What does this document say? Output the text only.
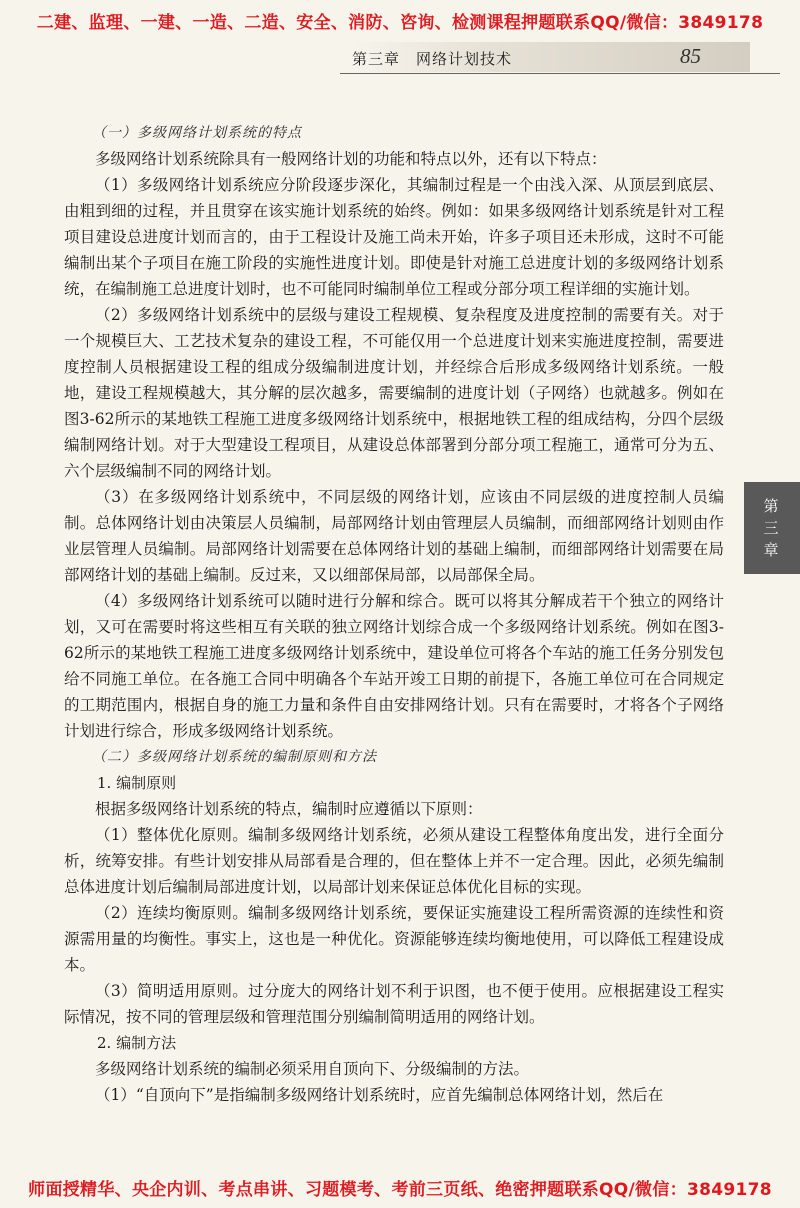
二建、监理、一建、一造、二造、安全、消防、咨询、检测课程押题联系QQ/微信：3849178
第三章　网络计划技术	85
第
三
章

（一）多级网络计划系统的特点

多级网络计划系统除具有一般网络计划的功能和特点以外，还有以下特点：

（1）多级网络计划系统应分阶段逐步深化，其编制过程是一个由浅入深、从顶层到底层、由粗到细的过程，并且贯穿在该实施计划系统的始终。例如：如果多级网络计划系统是针对工程项目建设总进度计划而言的，由于工程设计及施工尚未开始，许多子项目还未形成，这时不可能编制出某个子项目在施工阶段的实施性进度计划。即使是针对施工总进度计划的多级网络计划系统，在编制施工总进度计划时，也不可能同时编制单位工程或分部分项工程详细的实施计划。

（2）多级网络计划系统中的层级与建设工程规模、复杂程度及进度控制的需要有关。对于一个规模巨大、工艺技术复杂的建设工程，不可能仅用一个总进度计划来实施进度控制，需要进度控制人员根据建设工程的组成分级编制进度计划，并经综合后形成多级网络计划系统。一般地，建设工程规模越大，其分解的层次越多，需要编制的进度计划（子网络）也就越多。例如在图3-62所示的某地铁工程施工进度多级网络计划系统中，根据地铁工程的组成结构，分四个层级编制网络计划。对于大型建设工程项目，从建设总体部署到分部分项工程施工，通常可分为五、六个层级编制不同的网络计划。

（3）在多级网络计划系统中，不同层级的网络计划，应该由不同层级的进度控制人员编制。总体网络计划由决策层人员编制，局部网络计划由管理层人员编制，而细部网络计划则由作业层管理人员编制。局部网络计划需要在总体网络计划的基础上编制，而细部网络计划需要在局部网络计划的基础上编制。反过来，又以细部保局部，以局部保全局。

（4）多级网络计划系统可以随时进行分解和综合。既可以将其分解成若干个独立的网络计划，又可在需要时将这些相互有关联的独立网络计划综合成一个多级网络计划系统。例如在图3-62所示的某地铁工程施工进度多级网络计划系统中，建设单位可将各个车站的施工任务分别发包给不同施工单位。在各施工合同中明确各个车站开竣工日期的前提下，各施工单位可在合同规定的工期范围内，根据自身的施工力量和条件自由安排网络计划。只有在需要时，才将各个子网络计划进行综合，形成多级网络计划系统。

（二）多级网络计划系统的编制原则和方法

1. 编制原则

根据多级网络计划系统的特点，编制时应遵循以下原则：

（1）整体优化原则。编制多级网络计划系统，必须从建设工程整体角度出发，进行全面分析，统筹安排。有些计划安排从局部看是合理的，但在整体上并不一定合理。因此，必须先编制总体进度计划后编制局部进度计划，以局部计划来保证总体优化目标的实现。

（2）连续均衡原则。编制多级网络计划系统，要保证实施建设工程所需资源的连续性和资源需用量的均衡性。事实上，这也是一种优化。资源能够连续均衡地使用，可以降低工程建设成本。

（3）简明适用原则。过分庞大的网络计划不利于识图，也不便于使用。应根据建设工程实际情况，按不同的管理层级和管理范围分别编制简明适用的网络计划。

2. 编制方法

多级网络计划系统的编制必须采用自顶向下、分级编制的方法。

（1）“自顶向下”是指编制多级网络计划系统时，应首先编制总体网络计划，然后在

师面授精华、央企内训、考点串讲、习题模考、考前三页纸、绝密押题联系QQ/微信：3849178
